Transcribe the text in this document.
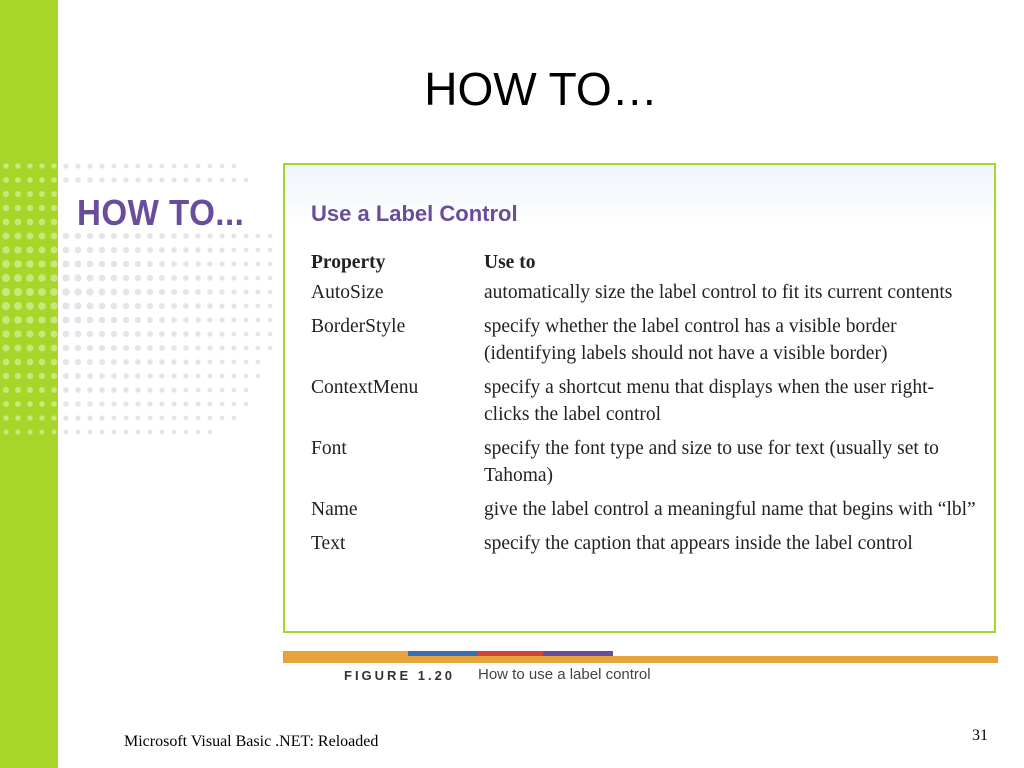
HOW TO…
HOW TO...	Use a Label Control
Property	Use to
AutoSize	automatically size the label control to fit its current contents
BorderStyle	specify whether the label control has a visible border (identifying labels should not have a visible border)
ContextMenu	specify a shortcut menu that displays when the user right-clicks the label control
Font	specify the font type and size to use for text (usually set to Tahoma)
Name	give the label control a meaningful name that begins with “lbl”
Text	specify the caption that appears inside the label control
FIGURE 1.20 How to use a label control
Microsoft Visual Basic .NET: Reloaded	31
